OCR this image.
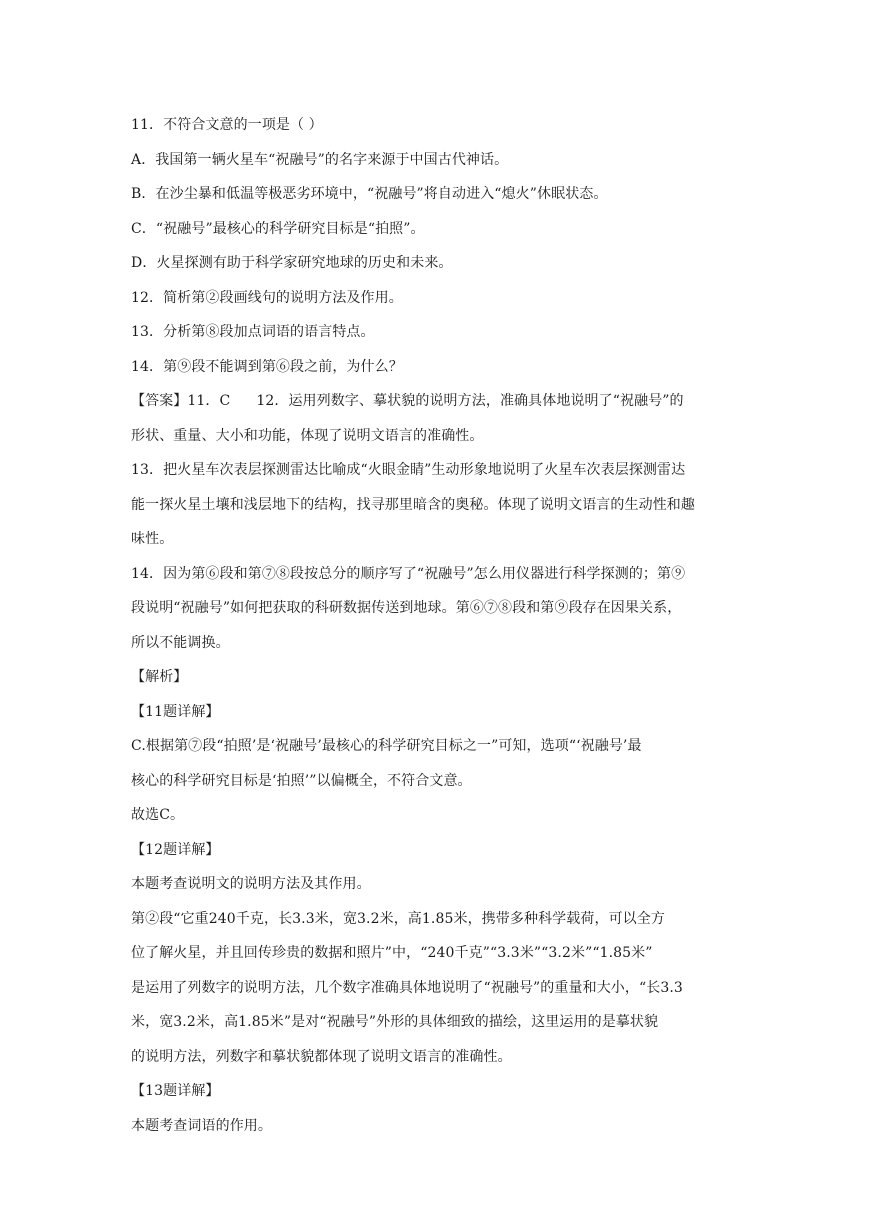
11．不符合文意的一项是（ ）
A．我国第一辆火星车“祝融号”的名字来源于中国古代神话。
B．在沙尘暴和低温等极恶劣环境中，“祝融号”将自动进入“熄火”休眠状态。
C．“祝融号”最核心的科学研究目标是“拍照”。
D．火星探测有助于科学家研究地球的历史和未来。
12．简析第②段画线句的说明方法及作用。
13．分析第⑧段加点词语的语言特点。
14．第⑨段不能调到第⑥段之前，为什么？
【答案】11．C 12．运用列数字、摹状貌的说明方法，准确具体地说明了“祝融号”的
形状、重量、大小和功能，体现了说明文语言的准确性。
13．把火星车次表层探测雷达比喻成“火眼金睛”生动形象地说明了火星车次表层探测雷达
能一探火星土壤和浅层地下的结构，找寻那里暗含的奥秘。体现了说明文语言的生动性和趣
味性。
14．因为第⑥段和第⑦⑧段按总分的顺序写了“祝融号”怎么用仪器进行科学探测的；第⑨
段说明“祝融号”如何把获取的科研数据传送到地球。第⑥⑦⑧段和第⑨段存在因果关系，
所以不能调换。
【解析】
【11题详解】
C.根据第⑦段“拍照’是‘祝融号’最核心的科学研究目标之一”可知，选项“‘祝融号’最
核心的科学研究目标是‘拍照’”以偏概全，不符合文意。
故选C。
【12题详解】
本题考查说明文的说明方法及其作用。
第②段“它重240千克，长3.3米，宽3.2米，高1.85米，携带多种科学载荷，可以全方
位了解火星，并且回传珍贵的数据和照片”中，“240千克”“3.3米”“3.2米”“1.85米”
是运用了列数字的说明方法，几个数字准确具体地说明了“祝融号”的重量和大小，“长3.3
米，宽3.2米，高1.85米”是对“祝融号”外形的具体细致的描绘，这里运用的是摹状貌
的说明方法，列数字和摹状貌都体现了说明文语言的准确性。
【13题详解】
本题考查词语的作用。
